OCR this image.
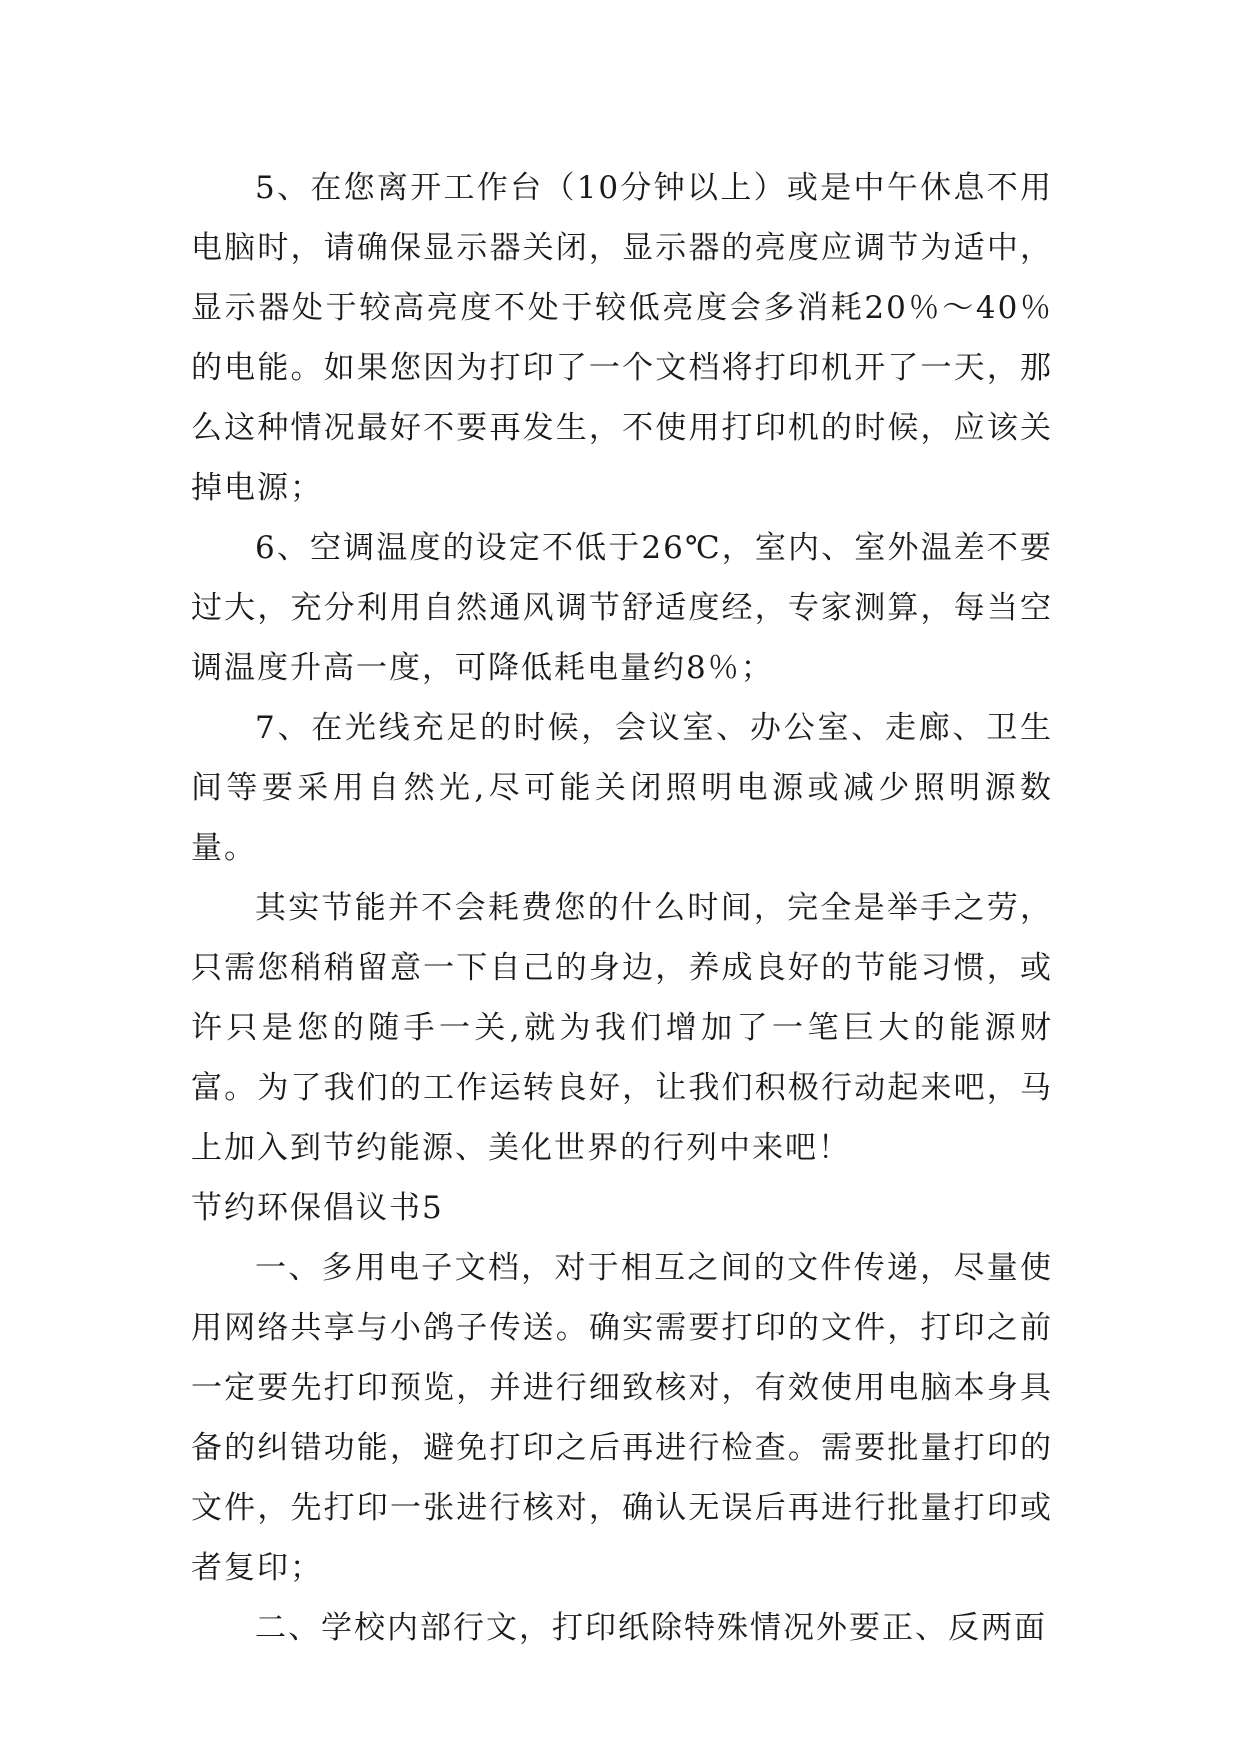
5、在您离开工作台（10分钟以上）或是中午休息不用电脑时，请确保显示器关闭，显示器的亮度应调节为适中，显示器处于较高亮度不处于较低亮度会多消耗20％～40％的电能。如果您因为打印了一个文档将打印机开了一天，那么这种情况最好不要再发生，不使用打印机的时候，应该关掉电源；

6、空调温度的设定不低于26℃，室内、室外温差不要过大，充分利用自然通风调节舒适度经，专家测算，每当空调温度升高一度，可降低耗电量约8％；

7、在光线充足的时候，会议室、办公室、走廊、卫生间等要采用自然光,尽可能关闭照明电源或减少照明源数量。

其实节能并不会耗费您的什么时间，完全是举手之劳，只需您稍稍留意一下自己的身边，养成良好的节能习惯，或许只是您的随手一关,就为我们增加了一笔巨大的能源财富。为了我们的工作运转良好，让我们积极行动起来吧，马上加入到节约能源、美化世界的行列中来吧！

节约环保倡议书5

一、多用电子文档，对于相互之间的文件传递，尽量使用网络共享与小鸽子传送。确实需要打印的文件，打印之前一定要先打印预览，并进行细致核对，有效使用电脑本身具备的纠错功能，避免打印之后再进行检查。需要批量打印的文件，先打印一张进行核对，确认无误后再进行批量打印或者复印；

二、学校内部行文，打印纸除特殊情况外要正、反两面
